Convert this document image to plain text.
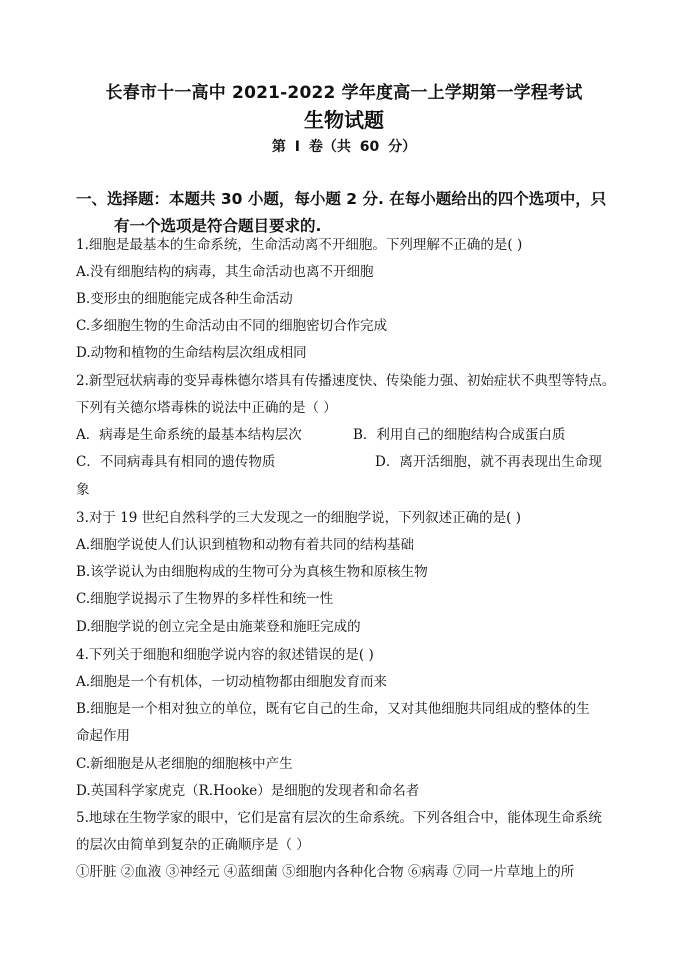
长春市十一高中 2021-2022 学年度高一上学期第一学程考试
生物试题
第 Ⅰ 卷（共 60 分）
一、选择题：本题共 30 小题，每小题 2 分. 在每小题给出的四个选项中，只
有一个选项是符合题目要求的.
1.细胞是最基本的生命系统，生命活动离不开细胞。下列理解不正确的是( )
A.没有细胞结构的病毒，其生命活动也离不开细胞
B.变形虫的细胞能完成各种生命活动
C.多细胞生物的生命活动由不同的细胞密切合作完成
D.动物和植物的生命结构层次组成相同
2.新型冠状病毒的变异毒株德尔塔具有传播速度快、传染能力强、初始症状不典型等特点。
下列有关德尔塔毒株的说法中正确的是（ ）
A．病毒是生命系统的最基本结构层次	B．利用自己的细胞结构合成蛋白质
C．不同病毒具有相同的遗传物质	D．离开活细胞，就不再表现出生命现
象
3.对于 19 世纪自然科学的三大发现之一的细胞学说，下列叙述正确的是( )
A.细胞学说使人们认识到植物和动物有着共同的结构基础
B.该学说认为由细胞构成的生物可分为真核生物和原核生物
C.细胞学说揭示了生物界的多样性和统一性
D.细胞学说的创立完全是由施莱登和施旺完成的
4.下列关于细胞和细胞学说内容的叙述错误的是( )
A.细胞是一个有机体，一切动植物都由细胞发育而来
B.细胞是一个相对独立的单位，既有它自己的生命，又对其他细胞共同组成的整体的生
命起作用
C.新细胞是从老细胞的细胞核中产生
D.英国科学家虎克（R.Hooke）是细胞的发现者和命名者
5.地球在生物学家的眼中，它们是富有层次的生命系统。下列各组合中，能体现生命系统
的层次由简单到复杂的正确顺序是（ ）
①肝脏 ②血液 ③神经元 ④蓝细菌 ⑤细胞内各种化合物 ⑥病毒 ⑦同一片草地上的所
